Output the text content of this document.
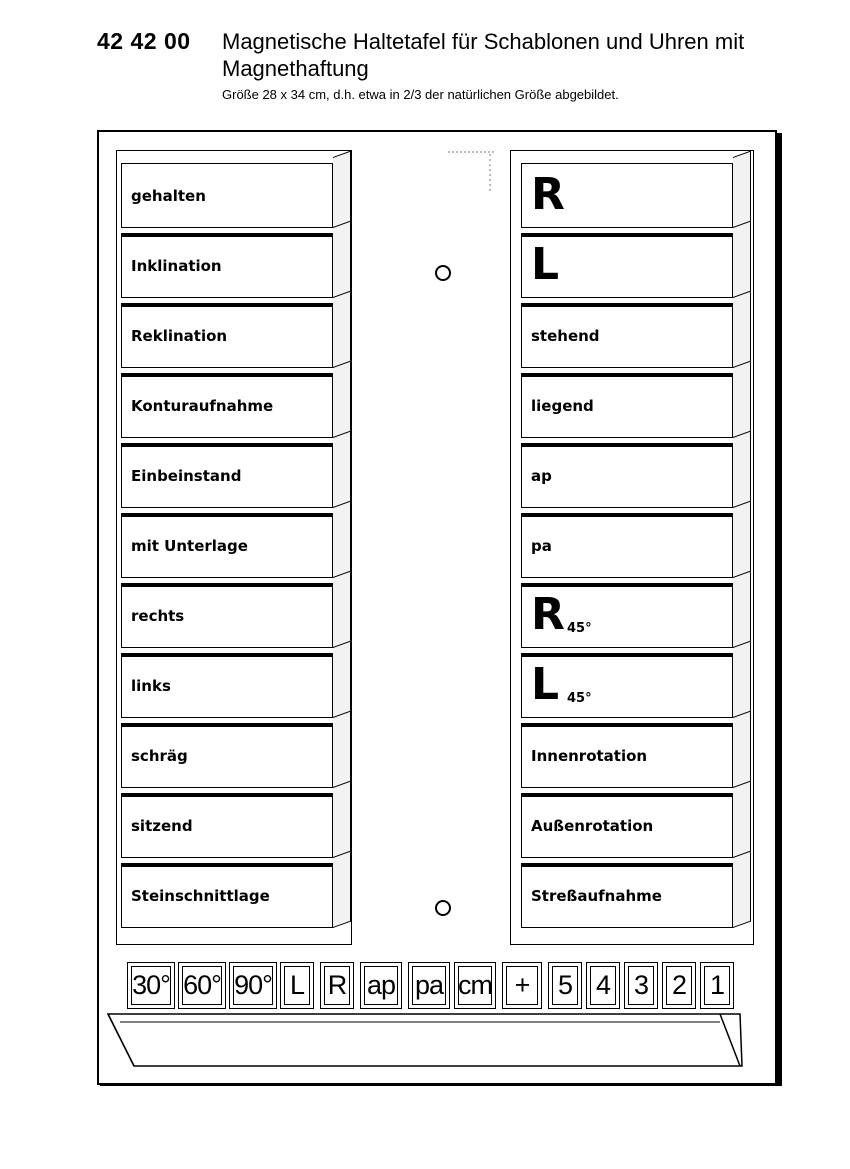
42 42 00 Magnetische Haltetafel für Schablonen und Uhren mit Magnethaftung
Größe 28 x 34 cm, d.h. etwa in 2/3 der natürlichen Größe abgebildet.
gehalten
Inklination
Reklination
Konturaufnahme
Einbeinstand
mit Unterlage
rechts
links
schräg
sitzend
Steinschnittlage
R
L
stehend
liegend
ap
pa
R 45°
L 45°
Innenrotation
Außenrotation
Streßaufnahme
30° 60° 90° L R ap pa cm + 5 4 3 2 1
